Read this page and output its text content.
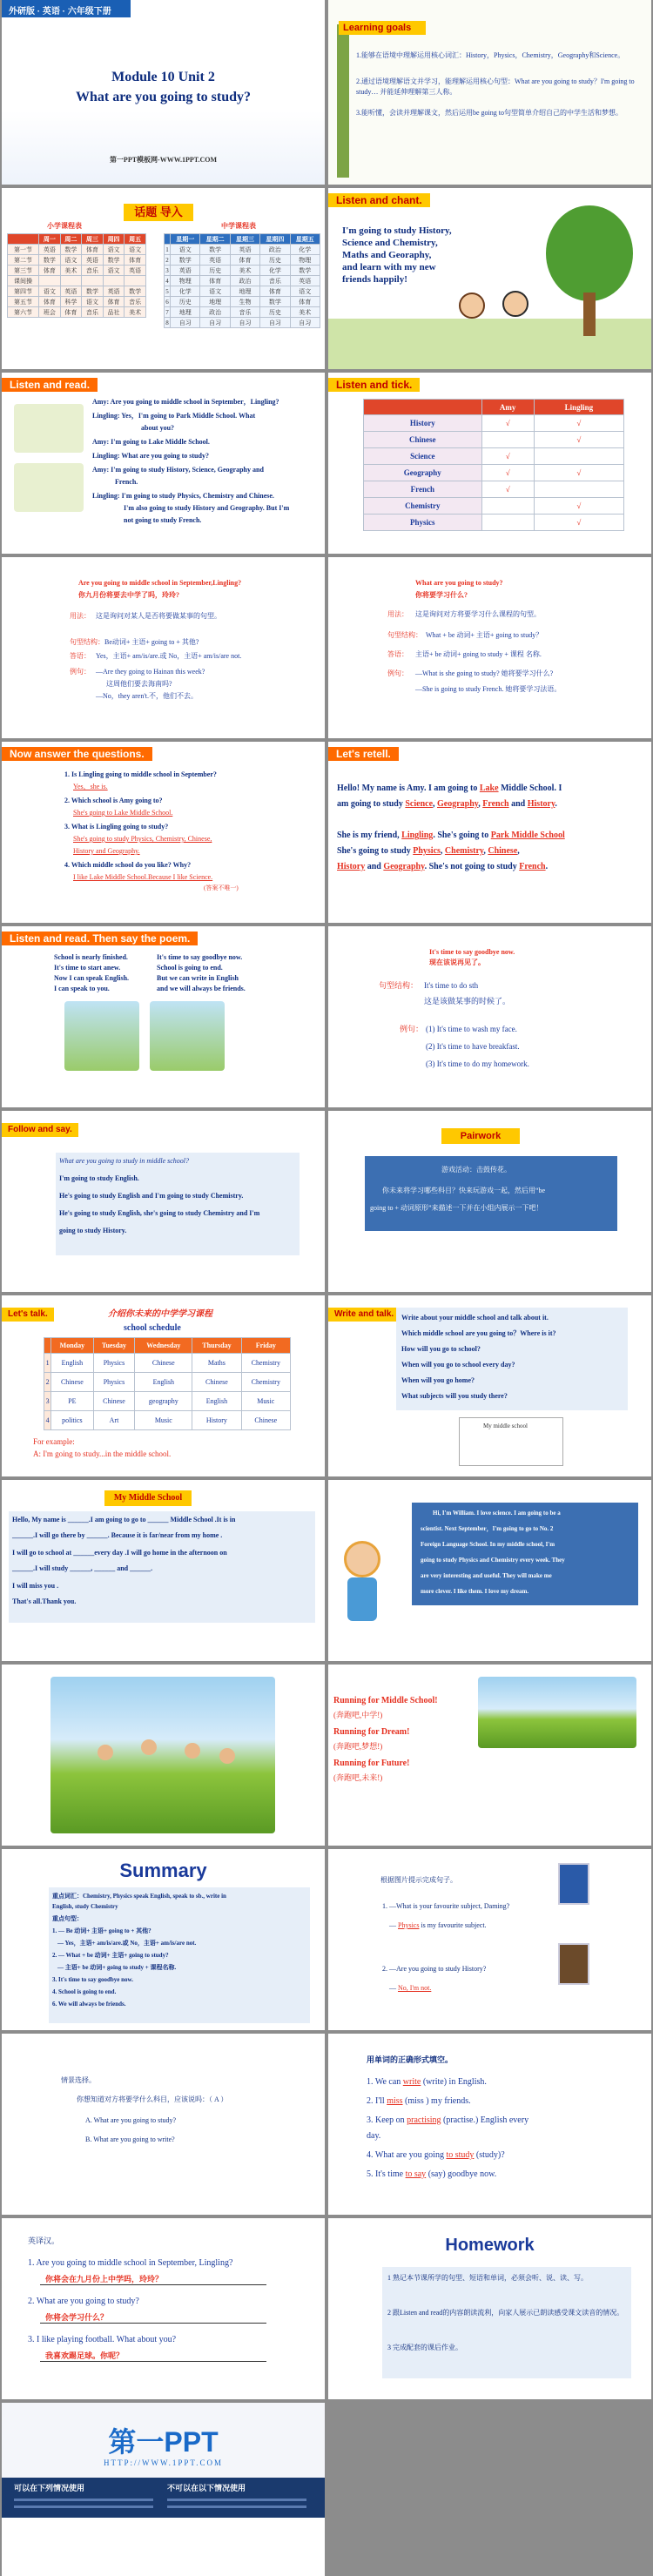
外研版 · 英语 · 六年级下册
Module 10 Unit 2
What are you going to study?
第一PPT模板网-WWW.1PPT.COM
Learning goals
1.能够在语境中理解运用核心词汇：History，Physics，Chemistry，Geography和Science。
2.通过语境理解语文并学习，能理解运用核心句型：What are you going to study？I'm going to study… 并能延伸理解第三人称。
3.能听懂，会读并理解课文，然后运用be going to句型简单介绍自己的中学生活和梦想。
话题 导入
小学课程表	中学课程表
	周一	周二	周三	周四	周五
第一节	英语	数学	体育	语文	语文
第二节	数学	语文	英语	数学	体育
第三节	体育	美术	音乐	语文	英语
课间操					
第四节	语文	英语	数学	英语	数学
第五节	体育	科学	语文	体育	音乐
第六节	班会	体育	音乐	品社	美术
	星期一	星期二	星期三	星期四	星期五
1	语文	数学	英语	政治	化学
2	数学	英语	体育	历史	物理
3	英语	历史	美术	化学	数学
4	物理	体育	政治	音乐	英语
5	化学	语文	地理	体育	语文
6	历史	地理	生物	数学	体育
7	地理	政治	音乐	历史	美术
8	自习	自习	自习	自习	自习
Listen and chant.
I'm going to study History,
Science and Chemistry,
Maths and Georaphy,
and learn with my new
friends happily!
Listen and read.
Amy: Are you going to middle school in September，Lingling?
Lingling: Yes，I'm going to Park Middle School. What
about you?
Amy: I'm going to Lake Middle School.
Lingling: What are you going to study?
Amy: I'm going to study History, Science, Geography and
French.
Lingling: I'm going to study Physics, Chemistry and Chinese.
I'm also going to study History and Geography. But I'm
not going to study French.
Listen and tick.
	Amy	Lingling
History	√	√
Chinese		√
Science	√	
Geography	√	√
French	√	
Chemistry		√
Physics		√
Are you going to middle school in September,Lingling?
你九月份将要去中学了吗，玲玲?
用法： 这是询问对某人是否将要做某事的句型。
句型结构： Be动词+ 主语+ going to + 其他?
答语： Yes，主语+ am/is/are.或 No，主语+ am/is/are not.
例句： —Are they going to Hainan this week?
这周他们要去海南吗?
—No，they aren't.不，他们不去。
What are you going to study?
你将要学习什么?
用法： 这是询问对方将要学习什么课程的句型。
句型结构： What + be 动词+ 主语+ going to study？
答语： 主语+ be 动词+ going to study + 课程 名称.
例句： —What is she going to study? 她将要学习什么?
—She is going to study French. 她将要学习法语。
Now answer the questions.
1. Is Lingling going to middle school in September?
Yes，she is.
2. Which school is Amy going to?
She's going to Lake Middle School.
3. What is Lingling going to study?
She's going to study Physics, Chemistry, Chinese,
History and Geography.
4. Which middle school do you like? Why?
I like Lake Middle School.Because I like Science.
(答案不唯一)
Let's retell.
Hello! My name is Amy. I am going to Lake Middle School. I
am going to study Science, Geography, French and History.
She is my friend, Lingling. She's going to Park Middle School
She's going to study Physics, Chemistry, Chinese,
History and Geography. She's not going to study French.
Listen and read. Then say the poem.
School is nearly finished.
It's time to start anew.
Now I can speak English.
I can speak to you.
It's time to say goodbye now.
School is going to end.
But we can write in English
and we will always be friends.
It's time to say goodbye now.
现在该说再见了。
句型结构： It's time to do sth
这是该做某事的时候了。
例句： (1) It's time to wash my face.
(2) It's time to have breakfast.
(3) It's time to do my homework.
Follow and say.
What are you going to study in middle school?
I'm going to study English.
He's going to study English and I'm going to study Chemistry.
He's going to study English, she's going to study Chemistry and I'm
going to study History.
Pairwork
游戏活动：击鼓传花。
你未来将学习哪些科目？快来玩游戏一起，然后用“be
going to + 动词原形”来描述一下并在小组内展示一下吧！
Let's talk.	介绍你未来的中学学习课程
school schedule
	Monday	Tuesday	Wednesday	Thursday	Friday
1	English	Physics	Chinese	Maths	Chemistry
2	Chinese	Physics	English	Chinese	Chemistry
3	PE	Chinese	geography	English	Music
4	politics	Art	Music	History	Chinese
For example:
A: I'm going to study...in the middle school.
Write and talk.	Write about your middle school and talk about it.
Which middle school are you going to？Where is it?
How will you go to school?
When will you go to school every day?
When will you go home?
What subjects will you study there?
My middle school
My Middle School
Hello, My name is ______.I am going to go to ______ Middle School .It is in
______.I will go there by ______. Because it is far/near from my home .
I will go to school at ______every day .I will go home in the afternoon on
______.I will study ______, ______ and ______.
I will miss you .
That's all.Thank you.
Hi, I'm William. I love science. I am going to be a
scientist. Next September，I'm going to go to No. 2
Foreign Language School. In my middle school, I'm
going to study Physics and Chemistry every week. They
are very interesting and useful. They will make me
more clever. I like them. I love my dream.
Running for Middle School!
(奔跑吧,中学!)
Running for Dream!
(奔跑吧,梦想!)
Running for Future!
(奔跑吧,未来!)
Summary
重点词汇：Chemistry, Physics speak English, speak to sb., write in
English, study Chemistry
重点句型：
1. — Be 动词+ 主语+ going to + 其他?
— Yes，主语+ am/is/are.或 No，主语+ am/is/are not.
2. — What + be 动词+ 主语+ going to study?
— 主语+ be 动词+ going to study + 课程名称.
3. It's time to say goodbye now.
4. School is going to end.
6. We will always be friends.
根据图片提示完成句子。
1. —What is your favourite subject, Daming?
— Physics is my favourite subject.
2. —Are you going to study History?
— No, I'm not.
情景选择。
你想知道对方将要学什么科目，应该说吗：（ A ）
A. What are you going to study?
B. What are you going to write?
用单词的正确形式填空。
1. We can write (write) in English.
2. I'll miss (miss ) my friends.
3. Keep on practising (practise.) English every
day.
4. What are you going to study (study)?
5. It's time to say (say) goodbye now.
英译汉。
1. Are you going to middle school in September, Lingling?
你将会在九月份上中学吗，玲玲？
2. What are you going to study?
你将会学习什么？
3. I like playing football. What about you?
我喜欢踢足球。你呢？
Homework
1 熟记本节课所学的句型、短语和单词，必须会听、说、读、写。
2 跟Listen and read的内容朗读流利，向家人展示已朗读感受课文读音的情况。
3 完成配套的课后作业。
第一PPT
HTTP://WWW.1PPT.COM
可以在下列情况使用	不可以在以下情况使用
